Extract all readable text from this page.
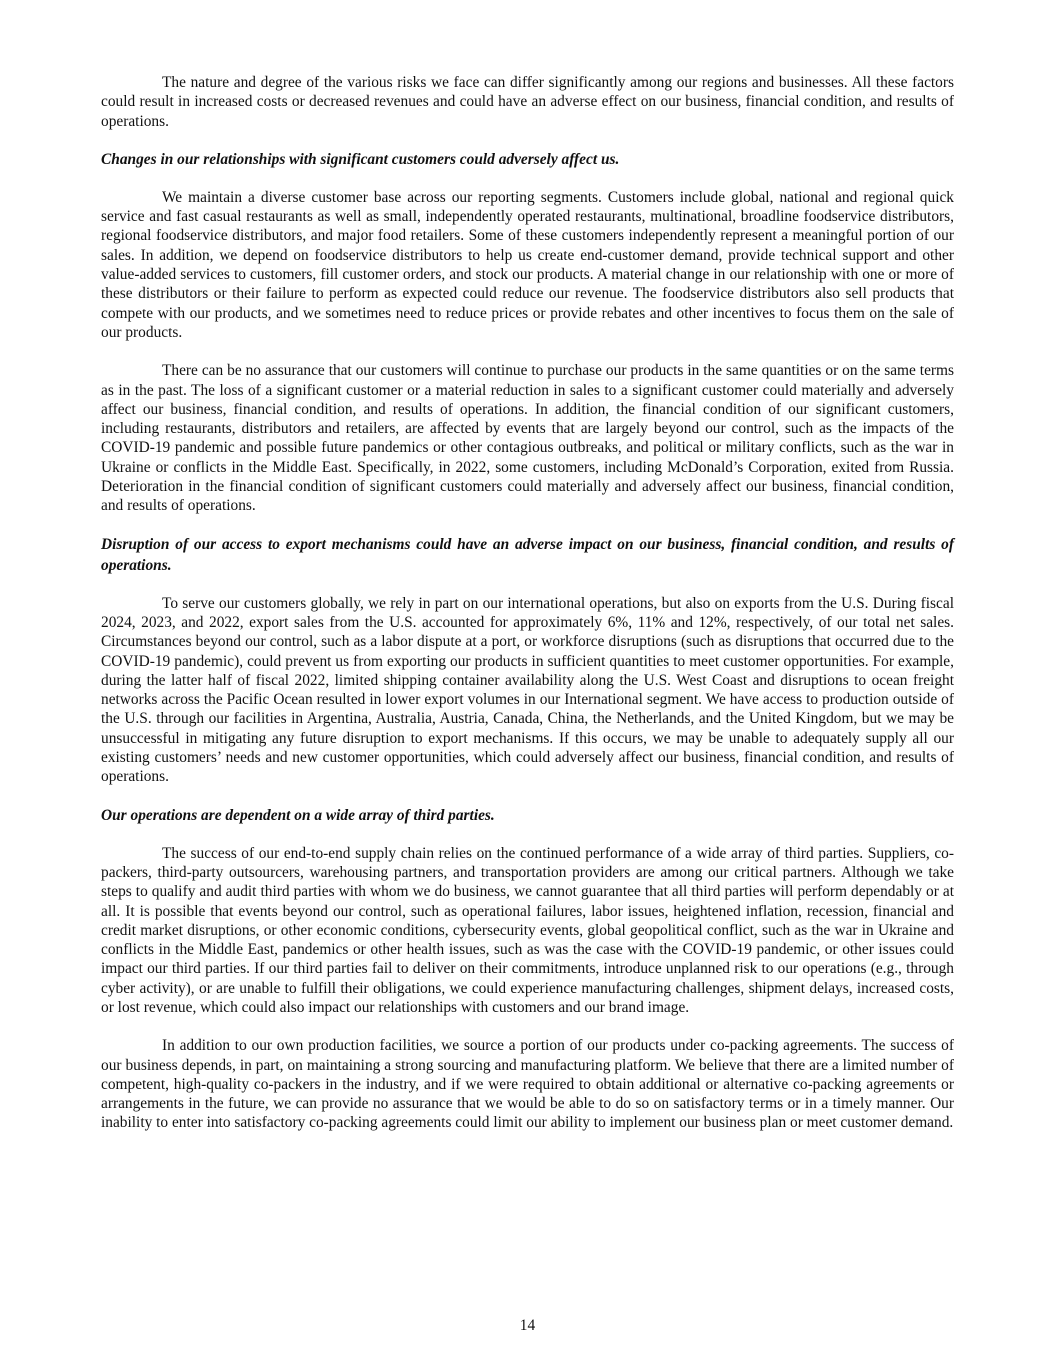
The nature and degree of the various risks we face can differ significantly among our regions and businesses. All these factors could result in increased costs or decreased revenues and could have an adverse effect on our business, financial condition, and results of operations.

Changes in our relationships with significant customers could adversely affect us.

We maintain a diverse customer base across our reporting segments. Customers include global, national and regional quick service and fast casual restaurants as well as small, independently operated restaurants, multinational, broadline foodservice distributors, regional foodservice distributors, and major food retailers. Some of these customers independently represent a meaningful portion of our sales. In addition, we depend on foodservice distributors to help us create end-customer demand, provide technical support and other value-added services to customers, fill customer orders, and stock our products. A material change in our relationship with one or more of these distributors or their failure to perform as expected could reduce our revenue. The foodservice distributors also sell products that compete with our products, and we sometimes need to reduce prices or provide rebates and other incentives to focus them on the sale of our products.

There can be no assurance that our customers will continue to purchase our products in the same quantities or on the same terms as in the past. The loss of a significant customer or a material reduction in sales to a significant customer could materially and adversely affect our business, financial condition, and results of operations. In addition, the financial condition of our significant customers, including restaurants, distributors and retailers, are affected by events that are largely beyond our control, such as the impacts of the COVID-19 pandemic and possible future pandemics or other contagious outbreaks, and political or military conflicts, such as the war in Ukraine or conflicts in the Middle East. Specifically, in 2022, some customers, including McDonald’s Corporation, exited from Russia. Deterioration in the financial condition of significant customers could materially and adversely affect our business, financial condition, and results of operations.

Disruption of our access to export mechanisms could have an adverse impact on our business, financial condition, and results of operations.

To serve our customers globally, we rely in part on our international operations, but also on exports from the U.S. During fiscal 2024, 2023, and 2022, export sales from the U.S. accounted for approximately 6%, 11% and 12%, respectively, of our total net sales. Circumstances beyond our control, such as a labor dispute at a port, or workforce disruptions (such as disruptions that occurred due to the COVID-19 pandemic), could prevent us from exporting our products in sufficient quantities to meet customer opportunities. For example, during the latter half of fiscal 2022, limited shipping container availability along the U.S. West Coast and disruptions to ocean freight networks across the Pacific Ocean resulted in lower export volumes in our International segment. We have access to production outside of the U.S. through our facilities in Argentina, Australia, Austria, Canada, China, the Netherlands, and the United Kingdom, but we may be unsuccessful in mitigating any future disruption to export mechanisms. If this occurs, we may be unable to adequately supply all our existing customers’ needs and new customer opportunities, which could adversely affect our business, financial condition, and results of operations.

Our operations are dependent on a wide array of third parties.

The success of our end-to-end supply chain relies on the continued performance of a wide array of third parties. Suppliers, co-packers, third-party outsourcers, warehousing partners, and transportation providers are among our critical partners. Although we take steps to qualify and audit third parties with whom we do business, we cannot guarantee that all third parties will perform dependably or at all. It is possible that events beyond our control, such as operational failures, labor issues, heightened inflation, recession, financial and credit market disruptions, or other economic conditions, cybersecurity events, global geopolitical conflict, such as the war in Ukraine and conflicts in the Middle East, pandemics or other health issues, such as was the case with the COVID-19 pandemic, or other issues could impact our third parties. If our third parties fail to deliver on their commitments, introduce unplanned risk to our operations (e.g., through cyber activity), or are unable to fulfill their obligations, we could experience manufacturing challenges, shipment delays, increased costs, or lost revenue, which could also impact our relationships with customers and our brand image.

In addition to our own production facilities, we source a portion of our products under co-packing agreements. The success of our business depends, in part, on maintaining a strong sourcing and manufacturing platform. We believe that there are a limited number of competent, high-quality co-packers in the industry, and if we were required to obtain additional or alternative co-packing agreements or arrangements in the future, we can provide no assurance that we would be able to do so on satisfactory terms or in a timely manner. Our inability to enter into satisfactory co-packing agreements could limit our ability to implement our business plan or meet customer demand.

14
